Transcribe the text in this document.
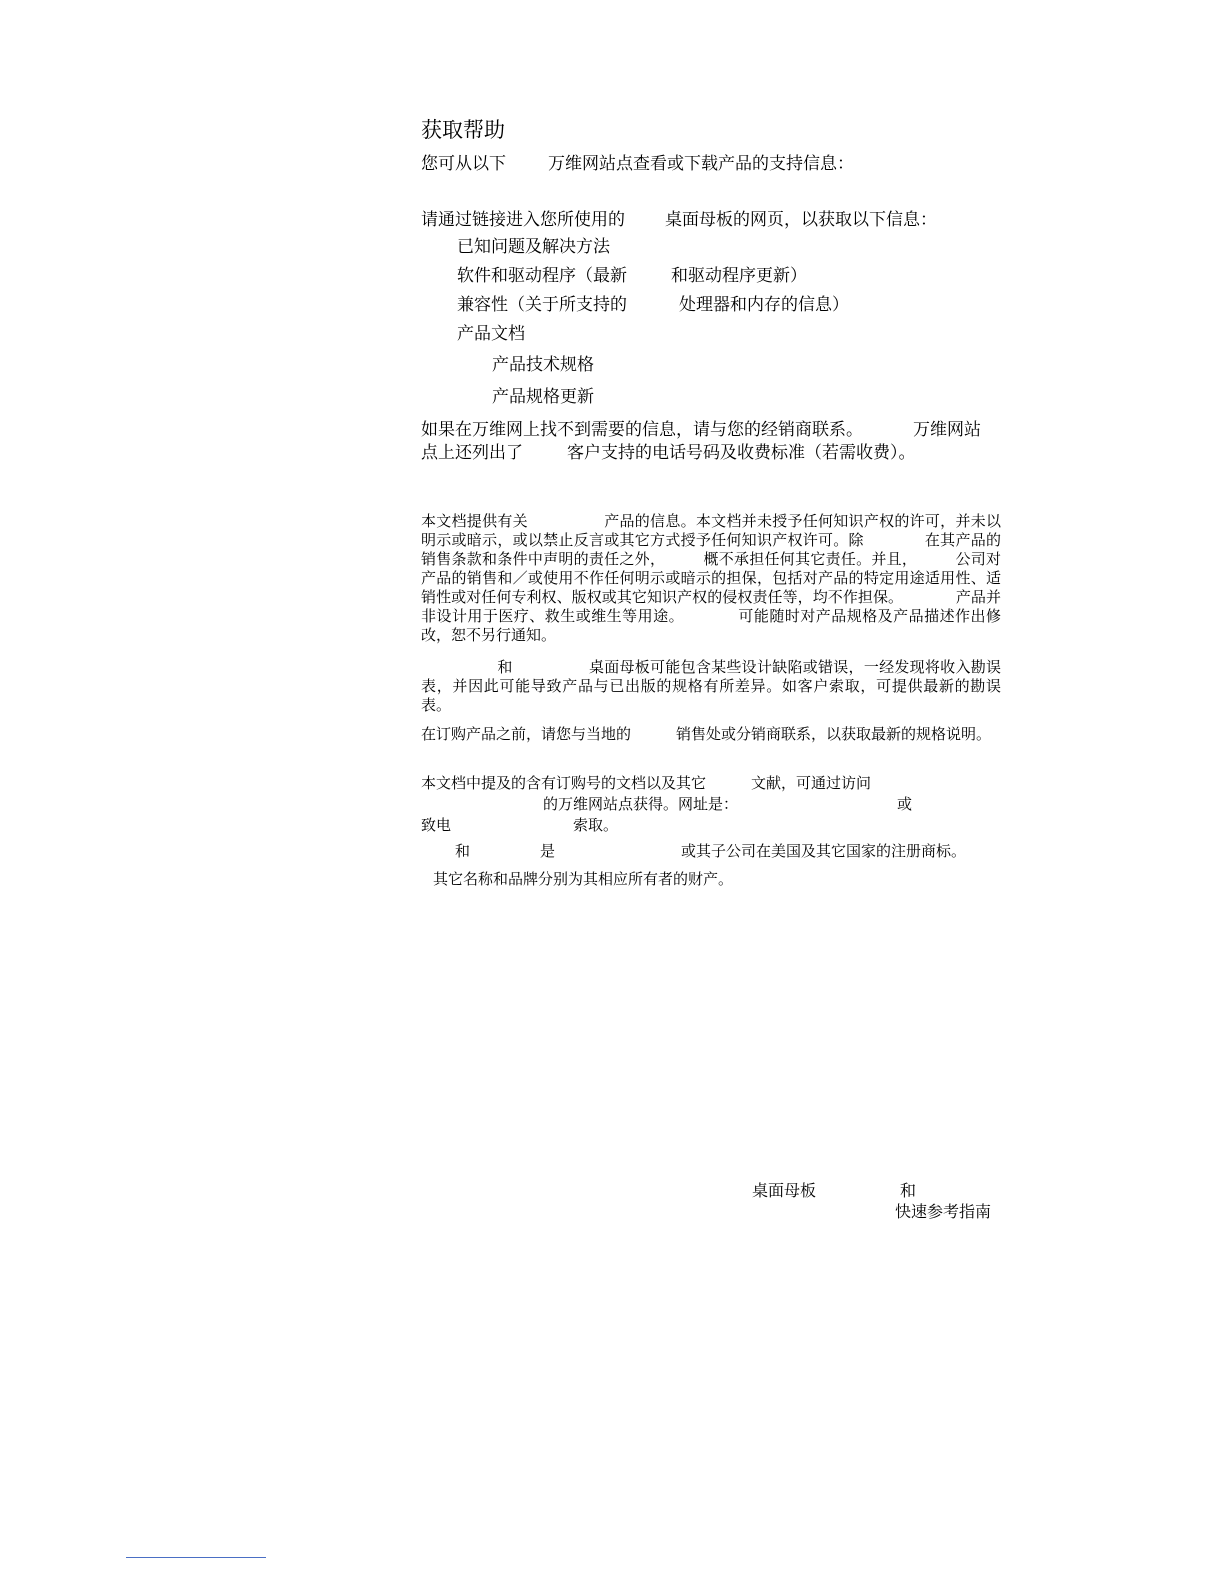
获取帮助
您可从以下 万维网站点查看或下载产品的支持信息：
请通过链接进入您所使用的 桌面母板的网页，以获取以下信息：
已知问题及解决方法
软件和驱动程序（最新	和驱动程序更新）
兼容性（关于所支持的	处理器和内存的信息）
产品文档
产品技术规格
产品规格更新
如果在万维网上找不到需要的信息，请与您的经销商联系。	万维网站
点上还列出了	客户支持的电话号码及收费标准（若需收费）。
本文档提供有关　　　　　产品的信息。本文档并未授予任何知识产权的许可，并未以明示或暗示，或以禁止反言或其它方式授予任何知识产权许可。除　　　　在其产品的销售条款和条件中声明的责任之外，　　　概不承担任何其它责任。并且，　　　公司对　　　　产品的销售和／或使用不作任何明示或暗示的担保，包括对产品的特定用途适用性、适销性或对任何专利权、版权或其它知识产权的侵权责任等，均不作担保。　　　　产品并非设计用于医疗、救生或维生等用途。　　　　可能随时对产品规格及产品描述作出修改，恕不另行通知。
　　　　　和　　　　　桌面母板可能包含某些设计缺陷或错误，一经发现将收入勘误表，并因此可能导致产品与已出版的规格有所差异。如客户索取，可提供最新的勘误表。
在订购产品之前，请您与当地的　　　销售处或分销商联系，以获取最新的规格说明。
本文档中提及的含有订购号的文档以及其它　　　文献，可通过访问
的万维网站点获得。网址是：	或
致电	索取。
和	是	或其子公司在美国及其它国家的注册商标。
其它名称和品牌分别为其相应所有者的财产。
桌面母板	和
快速参考指南
